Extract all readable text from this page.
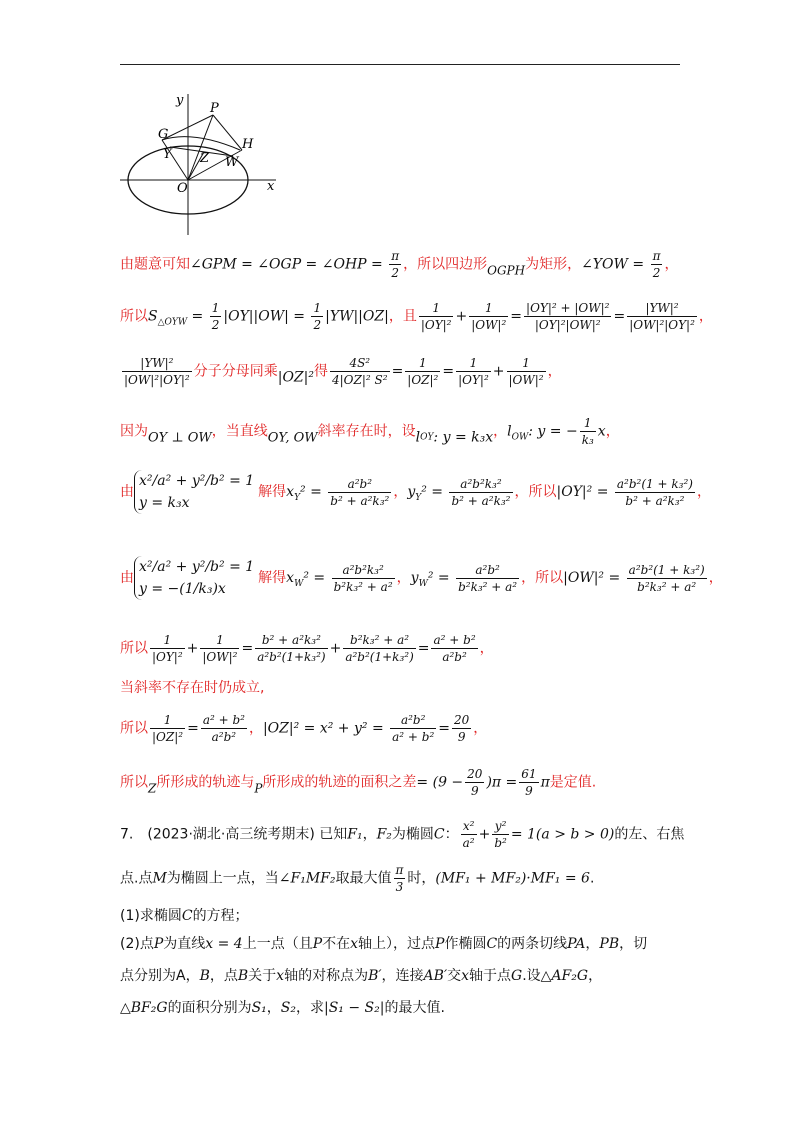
y
P
G
H
Y Z W
O	x
由题意可知∠GPM = ∠OGP = ∠OHP = $\frac{\pi}{2}$ ，所以四边形OGPH为矩形，∠YOW = $\frac{\pi}{2}$ ，
所以$S_{\triangle OYW} = \frac{1}{2} |OY||OW| = \frac{1}{2} |YW||OZ|$，且 $\frac{1}{\text{|OY|²}} + \frac{1}{\text{|OW|²}} = \frac{\text{|OY|² + |OW|²}}{\text{|OY|²|OW|²}} = \frac{\text{|YW|²}}{\text{|OW|²|OY|²}}$ ，
$\frac{\text{|YW|²}}{\text{|OW|²|OY|²}}$ 分子分母同乘|OZ|²得 $\frac{\text{4S²}}{\text{4|OZ|² S²}} = \frac{1}{\text{|OZ|²}} = \frac{1}{\text{|OY|²}} + \frac{1}{\text{|OW|²}}$ ，
因为OY ⊥ OW，当直线OY, OW斜率存在时，设$l_{OY}$: y = k₃x，$l_{OW}$: y = − $\frac{1}{\text{k₃}}$ x，
由
x²/a² + y²/b² = 1
y = k₃x
解得$x_Y^2 = \frac{\text{a²b²}}{\text{b² + a²k₃²}}$ ，$y_Y^2 = \frac{\text{a²b²k₃²}}{\text{b² + a²k₃²}}$ ，所以$|OY|^2 = \frac{\text{a²b²(1 + k₃²)}}{\text{b² + a²k₃²}}$ ，
由
x²/a² + y²/b² = 1
y = −(1/k₃)x
解得$x_W^2 = \frac{\text{a²b²k₃²}}{\text{b²k₃² + a²}}$ ，$y_W^2 = \frac{\text{a²b²}}{\text{b²k₃² + a²}}$ ，所以$|OW|^2 = \frac{\text{a²b²(1 + k₃²)}}{\text{b²k₃² + a²}}$ ，
所以 $\frac{1}{\text{|OY|²}} + \frac{1}{\text{|OW|²}} = \frac{\text{b² + a²k₃²}}{\text{a²b²(1+k₃²)}} + \frac{\text{b²k₃² + a²}}{\text{a²b²(1+k₃²)}} = \frac{\text{a² + b²}}{\text{a²b²}}$ ，
当斜率不存在时仍成立,
所以 $\frac{1}{\text{|OZ|²}} = \frac{\text{a² + b²}}{\text{a²b²}}$ ，$|OZ|^2 = x^2 + y^2 = \frac{\text{a²b²}}{\text{a² + b²}} = \frac{20}{9}$ ，
所以Z所形成的轨迹与P所形成的轨迹的面积之差= $(9 - \frac{20}{9} )\pi = \frac{61}{9}$ π是定值.
7.　(2023·湖北·高三统考期末) 已知F₁，F₂为椭圆C： $\frac{\text{x²}}{\text{a²}} + \frac{\text{y²}}{\text{b²}} = 1(a > b > 0)$的左、右焦
点.点M为椭圆上一点，当∠F₁MF₂取最大值 $\frac{\pi}{3}$ 时，(MF₁ + MF₂)·MF₁ = 6.
(1)求椭圆C的方程；
(2)点P为直线x = 4上一点（且P不在x轴上），过点P作椭圆C的两条切线PA，PB，切
点分别为A，B，点B关于x轴的对称点为B′，连接AB′交x轴于点G.设△AF₂G，
△BF₂G的面积分别为S₁，S₂，求|S₁ − S₂|的最大值.
